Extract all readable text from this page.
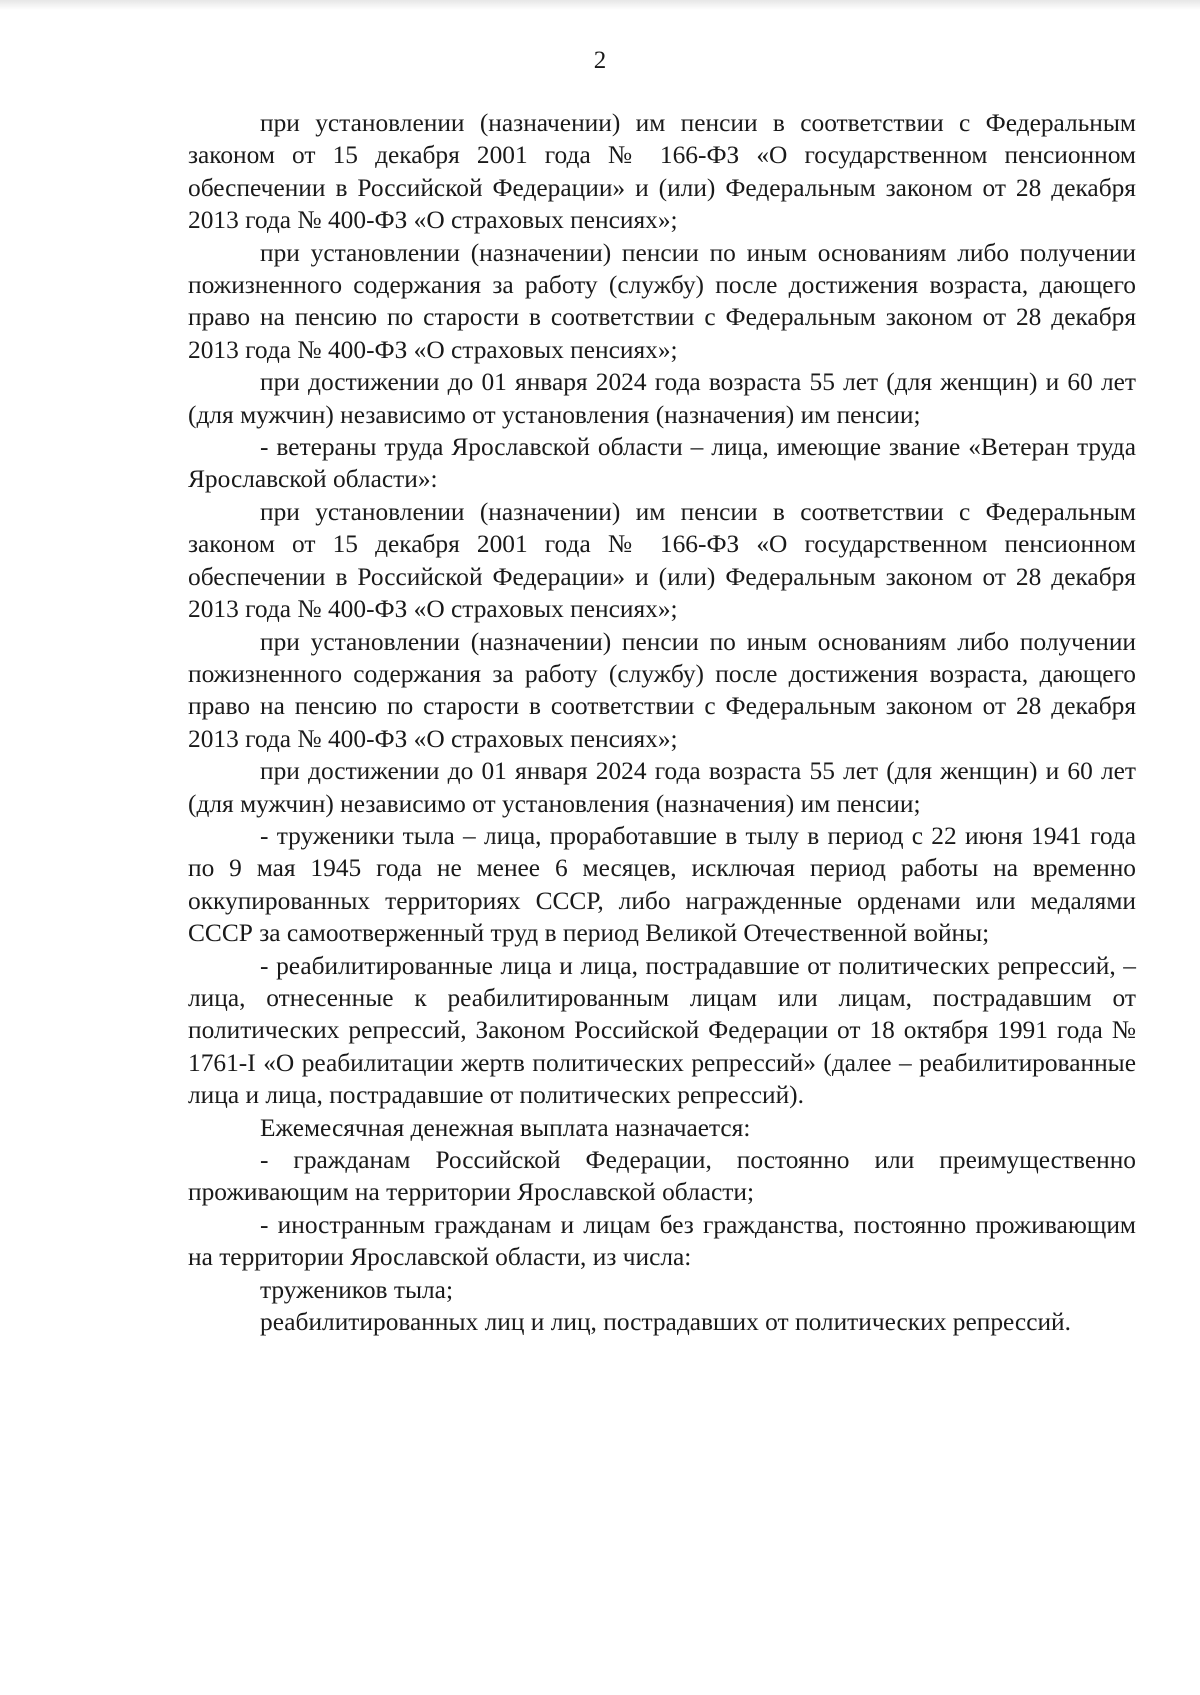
2

при установлении (назначении) им пенсии в соответствии с Федеральным законом от 15 декабря 2001 года № 166-ФЗ «О государственном пенсионном обеспечении в Российской Федерации» и (или) Федеральным законом от 28 декабря 2013 года № 400-ФЗ «О страховых пенсиях»;

при установлении (назначении) пенсии по иным основаниям либо получении пожизненного содержания за работу (службу) после достижения возраста, дающего право на пенсию по старости в соответствии с Федеральным законом от 28 декабря 2013 года № 400-ФЗ «О страховых пенсиях»;

при достижении до 01 января 2024 года возраста 55 лет (для женщин) и 60 лет (для мужчин) независимо от установления (назначения) им пенсии;

- ветераны труда Ярославской области – лица, имеющие звание «Ветеран труда Ярославской области»:

при установлении (назначении) им пенсии в соответствии с Федеральным законом от 15 декабря 2001 года № 166-ФЗ «О государственном пенсионном обеспечении в Российской Федерации» и (или) Федеральным законом от 28 декабря 2013 года № 400-ФЗ «О страховых пенсиях»;

при установлении (назначении) пенсии по иным основаниям либо получении пожизненного содержания за работу (службу) после достижения возраста, дающего право на пенсию по старости в соответствии с Федеральным законом от 28 декабря 2013 года № 400-ФЗ «О страховых пенсиях»;

при достижении до 01 января 2024 года возраста 55 лет (для женщин) и 60 лет (для мужчин) независимо от установления (назначения) им пенсии;

- труженики тыла – лица, проработавшие в тылу в период с 22 июня 1941 года по 9 мая 1945 года не менее 6 месяцев, исключая период работы на временно оккупированных территориях СССР, либо награжденные орденами или медалями СССР за самоотверженный труд в период Великой Отечественной войны;

- реабилитированные лица и лица, пострадавшие от политических репрессий, – лица, отнесенные к реабилитированным лицам или лицам, пострадавшим от политических репрессий, Законом Российской Федерации от 18 октября 1991 года № 1761-I «О реабилитации жертв политических репрессий» (далее – реабилитированные лица и лица, пострадавшие от политических репрессий).

Ежемесячная денежная выплата назначается:

- гражданам Российской Федерации, постоянно или преимущественно проживающим на территории Ярославской области;

- иностранным гражданам и лицам без гражданства, постоянно проживающим на территории Ярославской области, из числа:

тружеников тыла;

реабилитированных лиц и лиц, пострадавших от политических репрессий.
